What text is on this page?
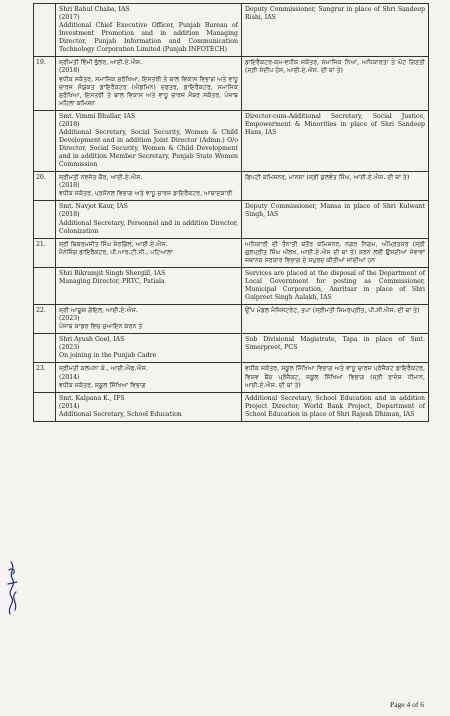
	Shri Rahul Chaba, IAS
(2017)
Additional Chief Executive Officer, Punjab Bureau of Investment Promotion and in addition Managing Director, Punjab Information and Communication Technology Corporation Limited (Punjab INFOTECH)	Deputy Commissioner, Sangrur in place of Shri Sandeep Rishi, IAS

19.	ਸ੍ਰੀਮਤੀ ਵਿੰਮੀ ਭੁੱਲਰ, ਆਈ.ਏ.ਐਸ.
(2018)
ਵਧੀਕ ਸਕੱਤਰ, ਸਮਾਜਿਕ ਸੁਰੱਖਿਆ, ਇਸਤਰੀ ਤੇ ਬਾਲ ਵਿਕਾਸ ਵਿਭਾਗ ਅਤੇ ਵਾਧੂ ਚਾਰਜ ਸੰਯੁਕਤ ਡਾਇਰੈਕਟਰ (ਐਡਮਿਨ) ਦਫਤਰ, ਡਾਇਰੈਕਟਰ, ਸਮਾਜਿਕ ਸੁਰੱਖਿਆ, ਇਸਤਰੀ ਤੇ ਬਾਲ ਵਿਕਾਸ ਅਤੇ ਵਾਧੂ ਚਾਰਜ ਮੈਂਬਰ ਸਕੱਤਰ, ਪੰਜਾਬ ਮਹਿਲਾ ਕਮਿਸ਼ਨ	ਡਾਇਰੈਕਟਰ-ਕਮ-ਵਧੀਕ ਸਕੱਤਰ, ਸਮਾਜਿਕ ਨਿਆਂ, ਅਧਿਕਾਰਤਾ ਤੇ ਘੱਟ ਗਿਣਤੀ (ਸ੍ਰੀ ਸੰਦੀਪ ਹੰਸ, ਆਈ.ਏ.ਐਸ. ਦੀ ਥਾਂ ਤੇ)

	Smt. Vimmi Bhullar, IAS
(2018)
Additional Secretary, Social Security, Women & Child Development and in addition Joint Director (Admn.) O/o Director, Social Security, Women & Child Development and in addition Member Secretary, Punjab State Women Commission	Director-cum-Additional Secretary, Social Justice, Empowerment & Minorities in place of Shri Sandeep Hans, IAS

20.	ਸ੍ਰੀਮਤੀ ਨਵਜੋਤ ਕੌਰ, ਆਈ.ਏ.ਐਸ.
(2018)
ਵਧੀਕ ਸਕੱਤਰ, ਪ੍ਰਸੋਨਲ ਵਿਭਾਗ ਅਤੇ ਵਾਧੂ ਚਾਰਜ ਡਾਇਰੈਕਟਰ, ਆਬਾਦਕਾਰੀ	ਡਿਪਟੀ ਕਮਿਸ਼ਨਰ, ਮਾਨਸਾ (ਸ੍ਰੀ ਕੁਲਵੰਤ ਸਿੰਘ, ਆਈ.ਏ.ਐਸ. ਦੀ ਥਾਂ ਤੇ)

	Smt. Navjot Kaur, IAS
(2018)
Additional Secretary, Personnel and in addition Director, Colonization	Deputy Commissioner, Mansa in place of Shri Kulwant Singh, IAS

21.	ਸ੍ਰੀ ਬਿਕਰਮਜੀਤ ਸਿੰਘ ਸ਼ੇਰਗਿੱਲ, ਆਈ.ਏ.ਐਸ.
ਮੈਨੇਜਿੰਗ ਡਾਇਰੈਕਟਰ, ਪੀ.ਆਰ.ਟੀ.ਸੀ., ਪਟਿਆਲਾ	ਅਧਿਕਾਰੀ ਦੀ ਤੈਨਾਤੀ ਬਤੌਰ ਕਮਿਸ਼ਨਰ, ਨਗਰ ਨਿਗਮ, ਅੰਮ੍ਰਿਤਸਰ (ਸ੍ਰੀ ਗੁਲਪ੍ਰੀਤ ਸਿੰਘ ਔਲਖ, ਆਈ.ਏ.ਐਸ ਦੀ ਥਾਂ ਤੇ) ਕਰਨ ਲਈ ਉਸਦੀਆਂ ਸੇਵਾਵਾਂ ਸਥਾਨਕ ਸਰਕਾਰ ਵਿਭਾਗ ਦੇ ਸਪੁਰਦ ਕੀਤੀਆਂ ਜਾਂਦੀਆਂ ਹਨ

	Shri Bikramjit Singh Shergill, IAS
Managing Director, PRTC, Patiala	Services are placed at the disposal of the Department of Local Government for posting as Commissioner, Municipal Corporation, Amritsar in place of Shri Gulpreet Singh Aulakh, IAS

22.	ਸ੍ਰੀ ਆਯੂਸ਼ ਗੋਇਲ, ਆਈ.ਏ.ਐਸ.
(2023)
ਪੰਜਾਬ ਕਾਡਰ ਵਿਚ ਜੁਆਇਨ ਕਰਨ ਤੇ	ਉੱਪ ਮੰਡਲ ਮੈਜਿਸਟਰੇਟ, ਤਪਾ (ਸ੍ਰੀਮਤੀ ਸਿਮਰਪ੍ਰੀਤ, ਪੀ.ਸੀ.ਐਸ. ਦੀ ਥਾਂ ਤੇ)

	Shri Ayush Goel, IAS
(2023)
On joining in the Punjab Cadre	Sub Divisional Magistrate, Tapa in place of Smt. Simerpreet, PCS

23.	ਸ੍ਰੀਮਤੀ ਕਲਪਨਾ ਕੇ., ਆਈ.ਐਫ.ਐਸ.
(2014)
ਵਧੀਕ ਸਕੱਤਰ, ਸਕੂਲ ਸਿੱਖਿਆ ਵਿਭਾਗ	ਵਧੀਕ ਸਕੱਤਰ, ਸਕੂਲ ਸਿੱਖਿਆ ਵਿਭਾਗ ਅਤੇ ਵਾਧੂ ਚਾਰਜ ਪ੍ਰੋਜੈਕਟ ਡਾਇਰੈਕਟਰ, ਵਿਸ਼ਵ ਬੈਂਕ ਪ੍ਰੋਜੈਕਟ, ਸਕੂਲ ਸਿੱਖਿਆ ਵਿਭਾਗ (ਸ੍ਰੀ ਰਾਜੇਸ਼ ਧੀਮਾਨ, ਆਈ.ਏ.ਐਸ. ਦੀ ਥਾਂ ਤੇ)

	Smt. Kalpana K., IFS
(2014)
Additional Secretary, School Education	Additional Secretary, School Education and in addition Project Director, World Bank Project, Department of School Education in place of Shri Rajesh Dhiman, IAS
Page 4 of 6
